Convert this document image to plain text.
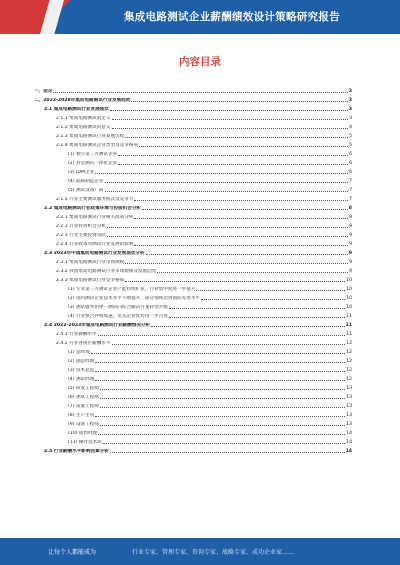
集成电路测试企业薪酬绩效设计策略研究报告
内容目录
一、前言	3
二、2023-2028年集成电路测试行业发展趋势	3
2.1 集成电路测试行业发展现状	3
2.1.1 集成电路测试的定义	3
2.1.2 集成电路测试的意义	4
2.1.3 集成电路测试行业发展历程	5
2.1.4 集成电路测试企业类型及竞争格局	5
(1) 独立第三方测试企业	6
(2) 封装测试一体化企业	6
(3) IDM企业	6
(4) 晶圆制造企业	7
(5) 测试设备厂商	7
2.1.5 行业主要测试服务模式及竞争力	7
2.2 集成电路测试行业政策环境与投资机会分析	8
2.2.1 集成电路测试行业相关政策分析	8
2.2.2 行业投资机会分析	8
2.2.3 行业主要投资风险	9
2.2.4 行业政策对测试行业发展的影响	9
2.3 2023年中国集成电路测试行业发展现状分析	9
2.3.1 集成电路测试行业市场规模	9
2.3.2 我国集成电路测试行业市场规模及发展趋势	9
2.3.3 集成电路测试行业竞争格局	10
(1) 专业第三方测试企业产能持续扩张，行业集中度进一步提升	10
(2) 国内测试企业技术水平不断提升，部分领域达到国际先进水平	10
(3) 测试服务由单一测试向综合解决方案转型升级	10
(4) 行业整合并购加速，龙头企业优势进一步凸显	11
2.4 2022-2023年集成电路测试行业薪酬情况分析	11
2.4.1 行业薪酬水平	11
2.4.2 行业各岗位薪酬水平	12
(1) 总经理	12
(2) 副总经理	12
(3) 技术总监	12
(4) 测试经理	12
(5) 研发工程师	13
(6) 测试工程师	13
(7) 质量工程师	13
(8) 生产主管	13
(9) 设备工程师	13
(10) 销售经理	14
(11) 操作技术员	14
2.5 行业薪酬水平影响因素分析	14
让每个人都能成为	行业专家、管理专家、咨询专家、战略专家、成功企业家……
